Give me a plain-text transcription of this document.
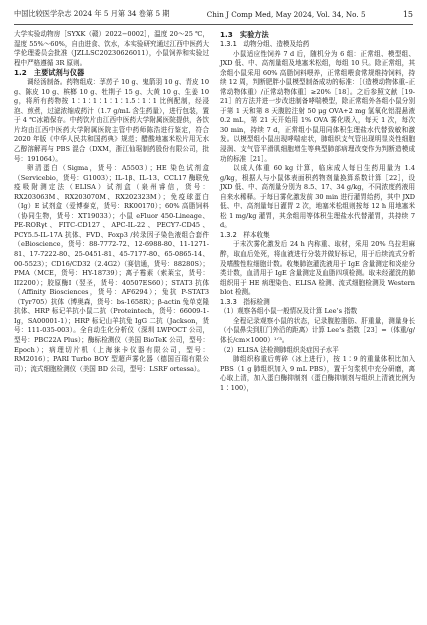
中国比较医学杂志 2024 年 5 月第 34 卷第 5 期	Chin J Comp Med, May 2024, Vol. 34, No. 5	15

大学实验动物房［SYXK（赣）2022−0002］，温度 20～25 ℃，湿度 55%～60%，自由进食、饮水，本实验研究通过江西中医药大学伦理委员会批准（JZLLSC20230626011），小鼠饲养和实验过程中严格遵循 3R 原则。

1.2　主要试剂与仪器

调经汤制备。药物组成：莩苈子 10 g、鬼箭羽 10 g、青皮 10 g、陈皮 10 g、槟榔 10 g、牡荆子 15 g、大黄 10 g、生姜 10 g，将所有药物按 1∶1∶1∶1∶1∶1.5∶1∶1 比例配制，经浸泡、煎煮，过滤浓缩成药汁（1.7 g/mL 含生药量），进行包装，置于 4 ℃冰箱保存。中药饮片由江西中医药大学附属医院提供，各饮片均由江西中医药大学附属医院主管中药师陈浩进行鉴定，符合 2020 年版《中华人民共和国药典》规范；醋酸地塞米松片用无水乙醇溶解再与 PBS 混合（DXM，浙江仙琚制药股份有限公司，批号：191064）。

卵清蛋白（Sigma，货号：A5503）；HE 染色试剂盒（Servicebio，货号：G1003）；IL-1β、IL-13、CCL17 酶联免疫吸附测定法（ELISA）试剂盒（泉州睿信，货号：RX203063M、RX203070M、RX202323M）；免疫球蛋白（Ig）E 试剂盒（爱博泰克，货号：RK00170）；60% 高脂饲料（协同生物，货号：XT19033）；小鼠 eFluor 450-Lineage、PE-RORγt、FITC-CD127、APC-IL-22、PECY7-CD45、PCY5.5-IL-17A 抗体、FVD、Foxp3 /转录因子染色液组合套件（eBioscience，货号：88-7772-72、12-6988-80、11-1271-81、17-7222-80、25-0451-81、45-7177-80、65-0865-14、00-5523）；CD16/CD32（2.4G2）（赛信通，货号：88280S）；PMA（MCE，货号：HY-18739）；离子霉素（索莱宝，货号：II2200）；胶原酶Ⅰ（翌圣，货号：40507ES60）；STAT3 抗体（Affinity Biosciences，货号：AF6294）；兔抗 P-STAT3（Tyr705）抗体（博奥森，货号：bs-1658R）；β-actin 兔单克隆抗体、HRP 标记羊抗小鼠二抗（Proteintech，货号：66009-1-Ig，SA00001-1）；HRP 标记山羊抗兔 IgG 二抗（Jackson，货号：111-035-003）。全自动生化分析仪（深圳 LWPOCT 公司，型号：PBC22A Plus）；酶标检测仪（美国 BioTeK 公司，型号：Epoch）；病理切片机（上海徕卡仪器有限公司，型号：RM2016）；PARI Turbo BOY 型超声雾化器（德国百瑞有限公司）；流式细胞检测仪（美国 BD 公司，型号：LSRF ortessa）。

1.3　实验方法
1.3.1　动物分组、造模及给药

小鼠适应性饲养 7 d 后，随机分为 6 组：正常组、模型组、JXD 低、中、高剂量组及地塞米松组，每组 10 只。除正常组，其余组小鼠采用 60% 高脂饲料喂养，正常组喂食常规维持饲料，持续 12 周，判断肥胖小鼠模型制备成功的标准：［（造模动物体重–正常动物体重）/正常动物体重］≥20%［18］。之后参照文献［19-21］的方法并进一步改进制备哮喘模型，除正常组外各组小鼠分别于第 1 天和第 8 天腹腔注射 50 μg OVA+2 mg 氢氧化铝混悬液 0.2 mL，第 21 天开始用 1% OVA 雾化吸入，每天 1 次，每次 30 min，持续 7 d，正常组小鼠用同体积生理盐水代替致敏和激发。以模型组小鼠出现哮喘症状，肺组织支气管出现明显炎性细胞浸润、支气管平滑肌细胞增生等典型肺部病理改变作为判断造模成功的标准［21］。

以成人体重 60 kg 计算，临床成人每日生药用量为 1.4 g/kg，根据人与小鼠体表面积药物剂量换算系数计算［22］，设 JXD 低、中、高剂量分别为 8.5、17、34 g/kg，不同浓度药液用自来水稀释。于每日雾化激发前 30 min 进行灌胃给药，其中 JXD 低、中、高剂量每日灌胃 2 次，地塞米松组则按每 12 h 用地塞米松 1 mg/kg 灌胃，其余组用等体积生理盐水代替灌胃，共持续 7 d。

1.3.2　样本收集

于末次雾化激发后 24 h 内称重、取材，采用 20% 乌拉坦麻醉，取血后处死，将血液进行分装并做好标记，用于后续流式分析及嗜酸性粒细胞计数。收集肺泡灌洗液用于 IgE 含量测定和炎症分类计数，血清用于 IgE 含量测定及血脂四项检测。取未经灌洗的肺组织用于 HE 病理染色、ELISA 检测、流式细胞检测及 Western blot 检测。

1.3.3　指标检测
（1）观察各组小鼠一般情况及计算 Lee’s 指数

全程记录观察小鼠的状态，记录腹腔脂肪、肝重量，测量身长（小鼠鼻尖到肛门外沿的距离）计算 Lee’s 指数［23］=（体重/g/体长/cm×1000）¹ᐟ³。

（2）ELISA 法检测肺组织炎症因子水平

肺组织称重后剪碎（冰上进行），按 1∶9 的重量体积比加入 PBS（1 g 肺组织加入 9 mL PBS），置于匀浆机中充分研磨，离心取上清，加入蛋白酶抑制剂（蛋白酶抑制剂与组织上清液比例为 1∶100），
